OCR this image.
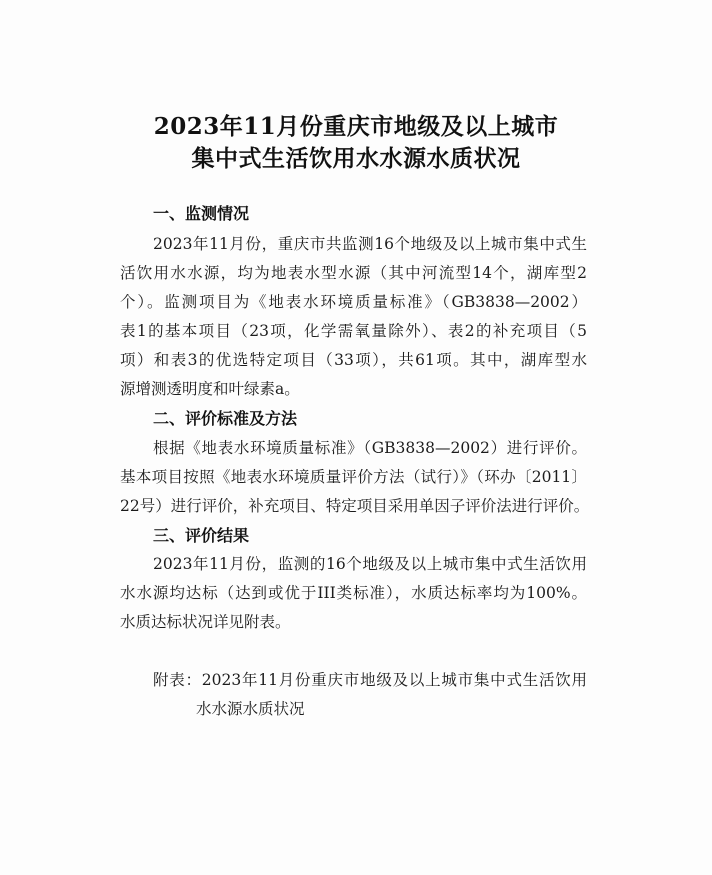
2023年11月份重庆市地级及以上城市
集中式生活饮用水水源水质状况
一、监测情况
2023年11月份，重庆市共监测16个地级及以上城市集中式生
活饮用水水源，均为地表水型水源（其中河流型14个，湖库型2
个）。监测项目为《地表水环境质量标准》（GB3838—2002）
表1的基本项目（23项，化学需氧量除外）、表2的补充项目（5
项）和表3的优选特定项目（33项），共61项。其中，湖库型水
源增测透明度和叶绿素a。
二、评价标准及方法
根据《地表水环境质量标准》（GB3838—2002）进行评价。
基本项目按照《地表水环境质量评价方法（试行）》（环办〔2011〕
22号）进行评价，补充项目、特定项目采用单因子评价法进行评价。
三、评价结果
2023年11月份，监测的16个地级及以上城市集中式生活饮用
水水源均达标（达到或优于III类标准），水质达标率均为100%。
水质达标状况详见附表。
附表：2023年11月份重庆市地级及以上城市集中式生活饮用
水水源水质状况
